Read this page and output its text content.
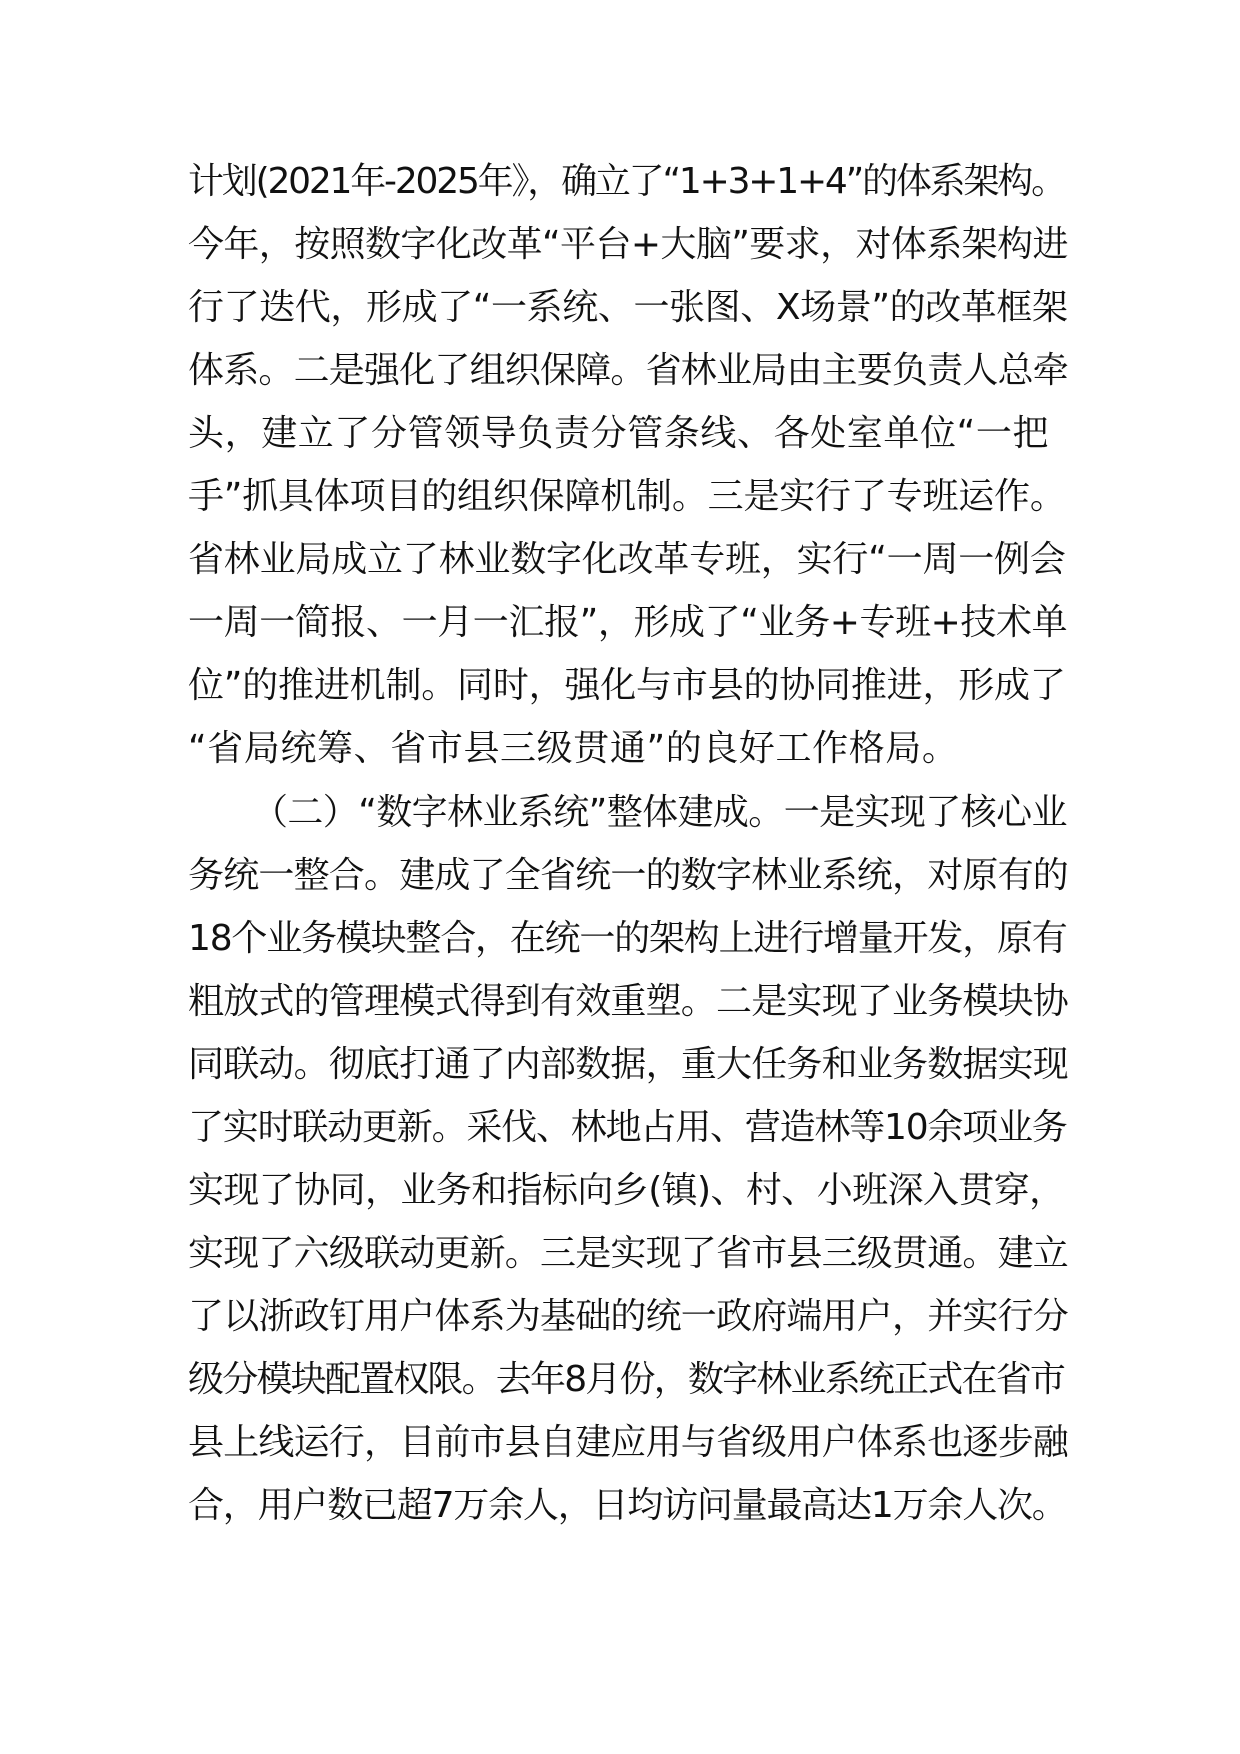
计划(2021年-2025年》，确立了“1+3+1+4”的体系架构。
今年，按照数字化改革“平台+大脑”要求，对体系架构进
行了迭代，形成了“一系统、一张图、X场景”的改革框架
体系。二是强化了组织保障。省林业局由主要负责人总牵
头，建立了分管领导负责分管条线、各处室单位“一把
手”抓具体项目的组织保障机制。三是实行了专班运作。
省林业局成立了林业数字化改革专班，实行“一周一例会
一周一简报、一月一汇报”，形成了“业务+专班+技术单
位”的推进机制。同时，强化与市县的协同推进，形成了
“省局统筹、省市县三级贯通”的良好工作格局。
（二）“数字林业系统”整体建成。一是实现了核心业
务统一整合。建成了全省统一的数字林业系统，对原有的
18个业务模块整合，在统一的架构上进行增量开发，原有
粗放式的管理模式得到有效重塑。二是实现了业务模块协
同联动。彻底打通了内部数据，重大任务和业务数据实现
了实时联动更新。采伐、林地占用、营造林等10余项业务
实现了协同，业务和指标向乡(镇)、村、小班深入贯穿，
实现了六级联动更新。三是实现了省市县三级贯通。建立
了以浙政钉用户体系为基础的统一政府端用户，并实行分
级分模块配置权限。去年8月份，数字林业系统正式在省市
县上线运行，目前市县自建应用与省级用户体系也逐步融
合，用户数已超7万余人，日均访问量最高达1万余人次。
